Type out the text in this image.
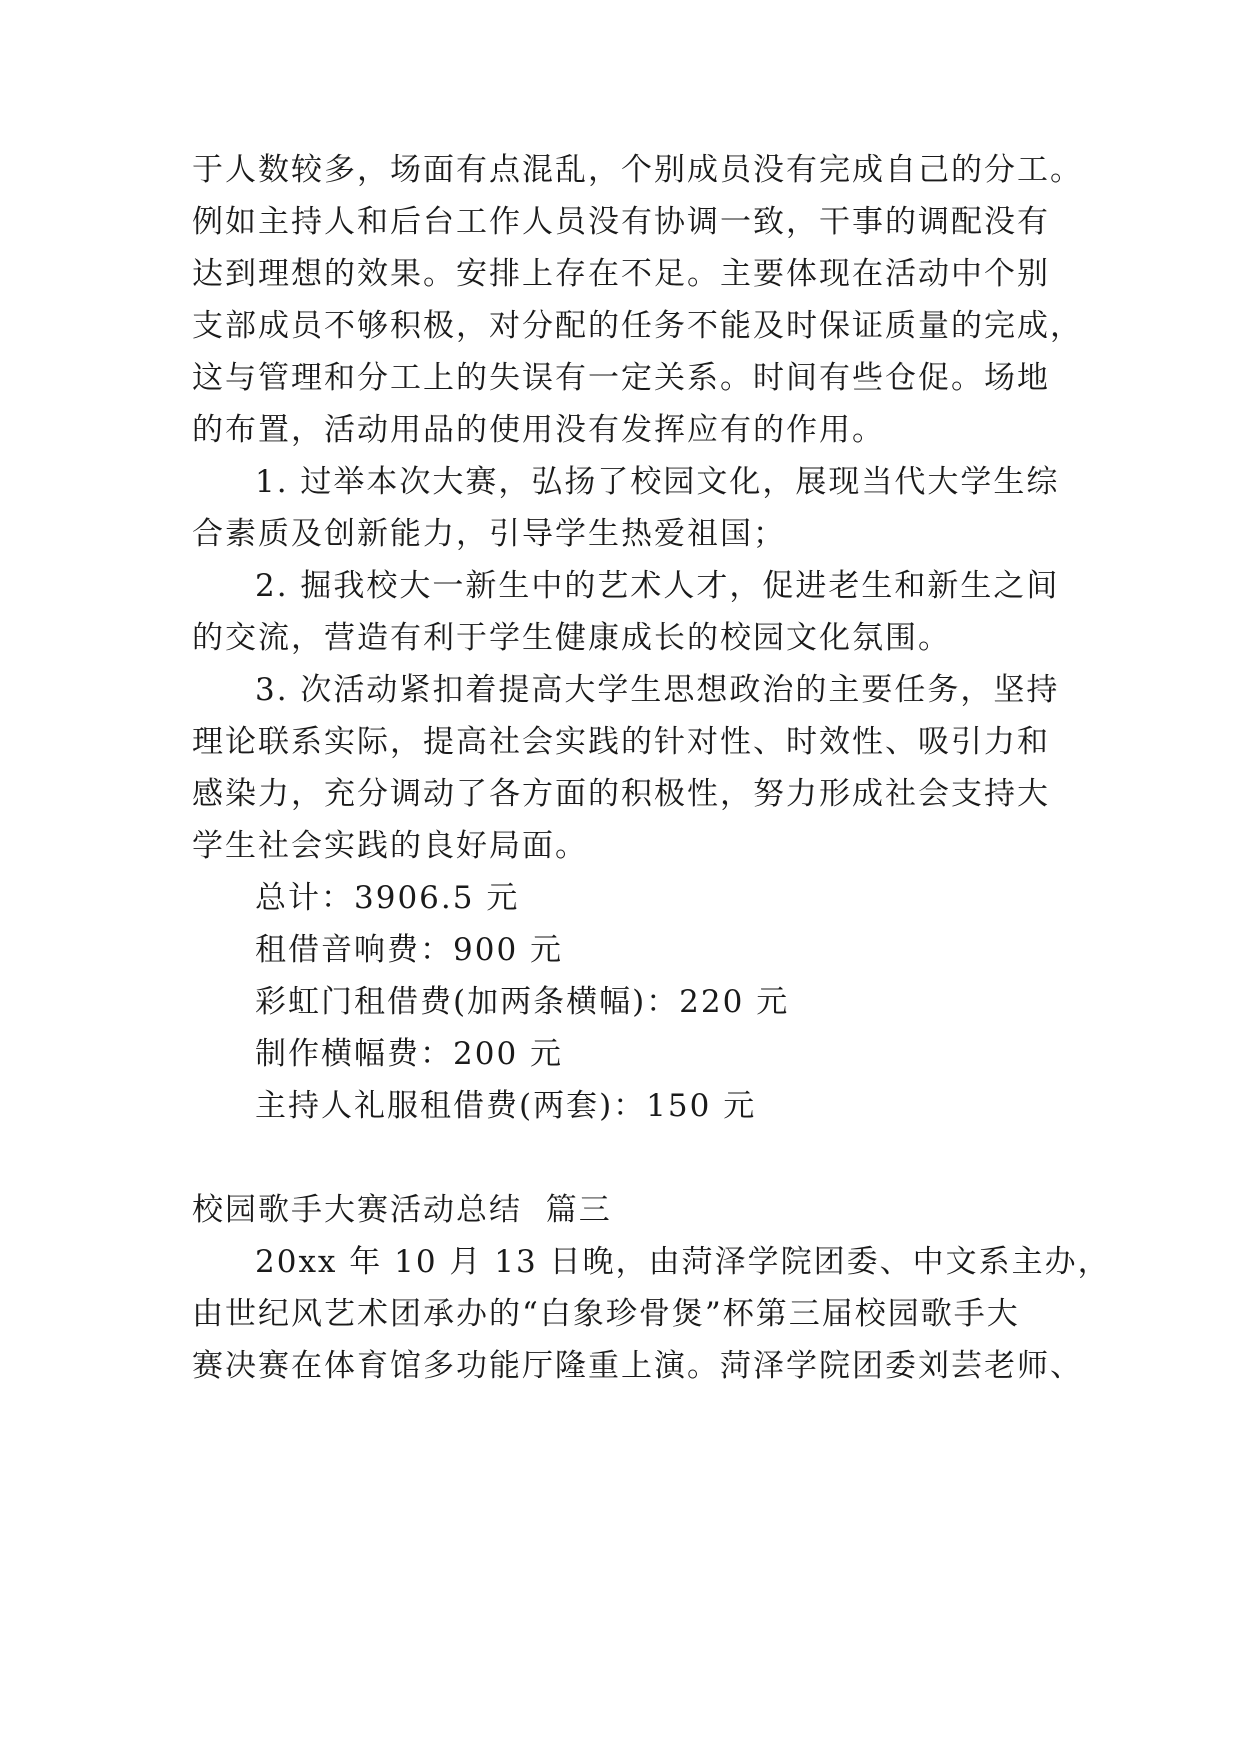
于人数较多，场面有点混乱，个别成员没有完成自己的分工。

例如主持人和后台工作人员没有协调一致，干事的调配没有

达到理想的效果。安排上存在不足。主要体现在活动中个别

支部成员不够积极，对分配的任务不能及时保证质量的完成，

这与管理和分工上的失误有一定关系。时间有些仓促。场地

的布置，活动用品的使用没有发挥应有的作用。

1. 过举本次大赛，弘扬了校园文化，展现当代大学生综

合素质及创新能力，引导学生热爱祖国；

2. 掘我校大一新生中的艺术人才，促进老生和新生之间

的交流，营造有利于学生健康成长的校园文化氛围。

3. 次活动紧扣着提高大学生思想政治的主要任务，坚持

理论联系实际，提高社会实践的针对性、时效性、吸引力和

感染力，充分调动了各方面的积极性，努力形成社会支持大

学生社会实践的良好局面。

总计：3906.5 元

租借音响费：900 元

彩虹门租借费(加两条横幅)：220 元

制作横幅费：200 元

主持人礼服租借费(两套)：150 元

校园歌手大赛活动总结  篇三

20xx 年 10 月 13 日晚，由菏泽学院团委、中文系主办，

由世纪风艺术团承办的“白象珍骨煲”杯第三届校园歌手大

赛决赛在体育馆多功能厅隆重上演。菏泽学院团委刘芸老师、
